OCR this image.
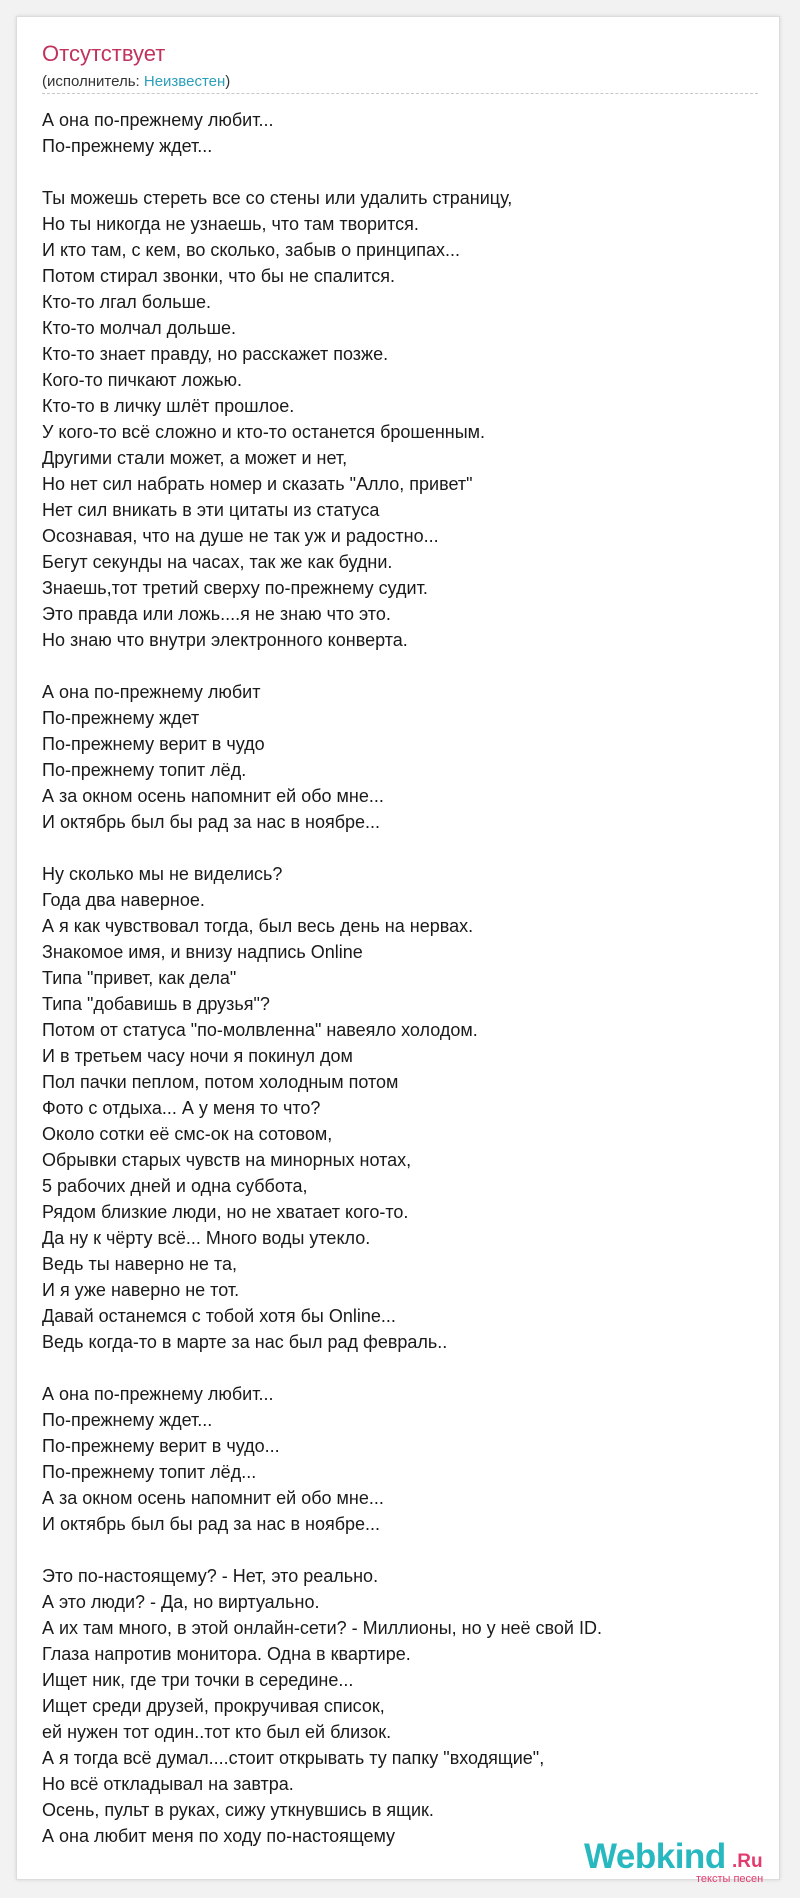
Отсутствует
(исполнитель: Неизвестен)
А она по-прежнему любит...
По-прежнему ждет...
Ты можешь стереть все со стены или удалить страницу,
Но ты никогда не узнаешь, что там творится.
И кто там, с кем, во сколько, забыв о принципах...
Потом стирал звонки, что бы не спалится.
Кто-то лгал больше.
Кто-то молчал дольше.
Кто-то знает правду, но расскажет позже.
Кого-то пичкают ложью.
Кто-то в личку шлёт прошлое.
У кого-то всё сложно и кто-то останется брошенным.
Другими стали может, а может и нет,
Но нет сил набрать номер и сказать "Алло, привет"
Нет сил вникать в эти цитаты из статуса
Осознавая, что на душе не так уж и радостно...
Бегут секунды на часах, так же как будни.
Знаешь,тот третий сверху по-прежнему судит.
Это правда или ложь....я не знаю что это.
Но знаю что внутри электронного конверта.
А она по-прежнему любит
По-прежнему ждет
По-прежнему верит в чудо
По-прежнему топит лёд.
А за окном осень напомнит ей обо мне...
И октябрь был бы рад за нас в ноябре...
Ну сколько мы не виделись?
Года два наверное.
А я как чувствовал тогда, был весь день на нервах.
Знакомое имя, и внизу надпись Online
Типа "привет, как дела"
Типа "добавишь в друзья"?
Потом от статуса "по-молвленна" навеяло холодом.
И в третьем часу ночи я покинул дом
Пол пачки пеплом, потом холодным потом
Фото с отдыха... А у меня то что?
Около сотки её смс-ок на сотовом,
Обрывки старых чувств на минорных нотах,
5 рабочих дней и одна суббота,
Рядом близкие люди, но не хватает кого-то.
Да ну к чёрту всё... Много воды утекло.
Ведь ты наверно не та,
И я уже наверно не тот.
Давай останемся с тобой хотя бы Online...
Ведь когда-то в марте за нас был рад февраль..
А она по-прежнему любит...
По-прежнему ждет...
По-прежнему верит в чудо...
По-прежнему топит лёд...
А за окном осень напомнит ей обо мне...
И октябрь был бы рад за нас в ноябре...
Это по-настоящему? - Нет, это реально.
А это люди? - Да, но виртуально.
А их там много, в этой онлайн-сети? - Миллионы, но у неё свой ID.
Глаза напротив монитора. Одна в квартире.
Ищет ник, где три точки в середине...
Ищет среди друзей, прокручивая список,
ей нужен тот один..тот кто был ей близок.
А я тогда всё думал....стоит открывать ту папку "входящие",
Но всё откладывал на завтра.
Осень, пульт в руках, сижу уткнувшись в ящик.
А она любит меня по ходу по-настоящему
Webkind .Ru
тексты песен
